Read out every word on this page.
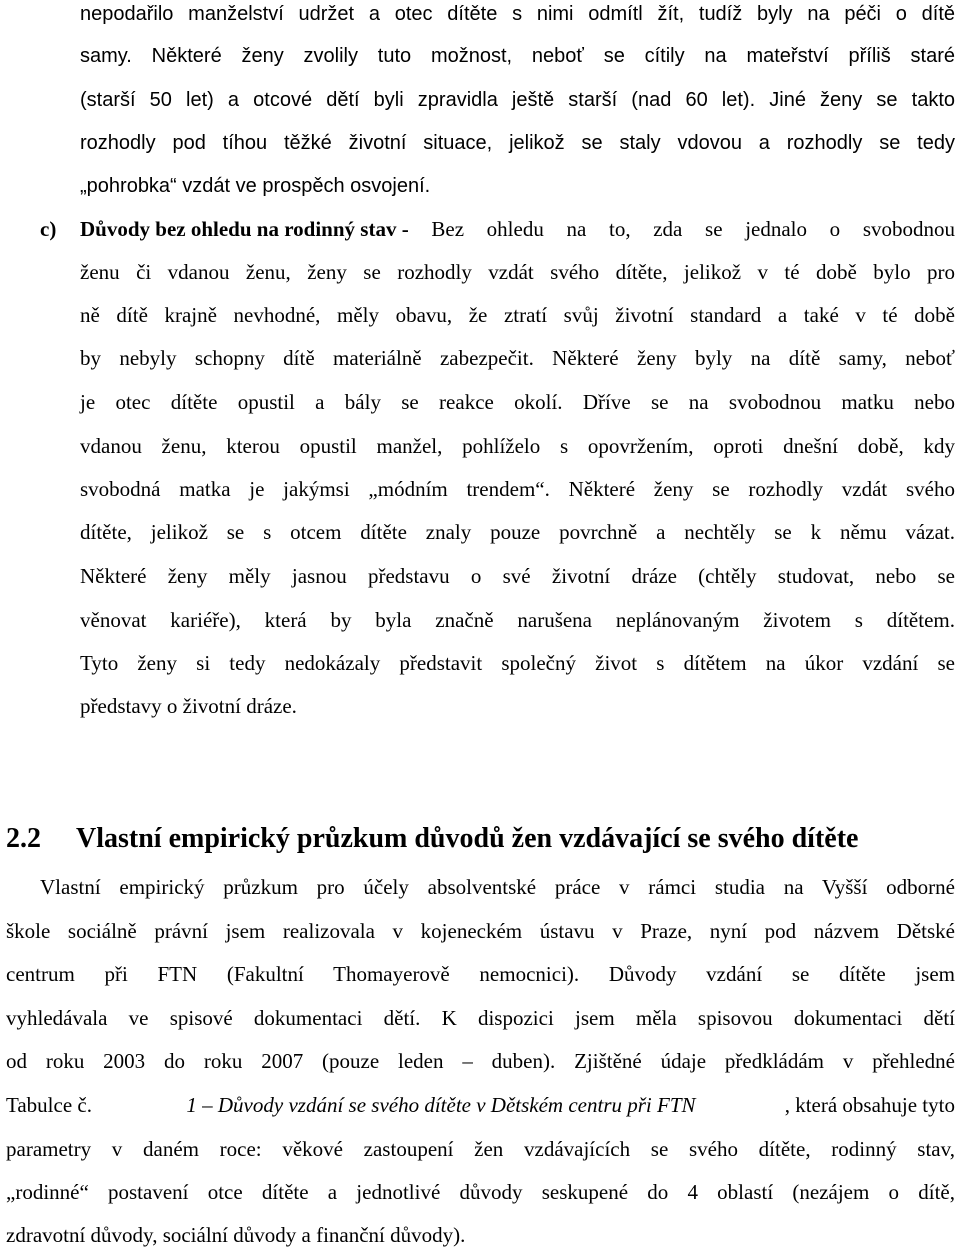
nepodařilo manželství udržet a otec dítěte s nimi odmítl žít, tudíž byly na péči o dítě
samy. Některé ženy zvolily tuto možnost, neboť se cítily na mateřství příliš staré
(starší 50 let) a otcové dětí byli zpravidla ještě starší (nad 60 let). Jiné ženy se takto
rozhodly pod tíhou těžké životní situace, jelikož se staly vdovou a rozhodly se tedy
„pohrobka“ vzdát ve prospěch osvojení.
c) Důvody bez ohledu na rodinný stav - Bez ohledu na to, zda se jednalo o svobodnou
ženu či vdanou ženu, ženy se rozhodly vzdát svého dítěte, jelikož v té době bylo pro
ně dítě krajně nevhodné, měly obavu, že ztratí svůj životní standard a také v té době
by nebyly schopny dítě materiálně zabezpečit. Některé ženy byly na dítě samy, neboť
je otec dítěte opustil a bály se reakce okolí. Dříve se na svobodnou matku nebo
vdanou ženu, kterou opustil manžel, pohlíželo s opovržením, oproti dnešní době, kdy
svobodná matka je jakýmsi „módním trendem“. Některé ženy se rozhodly vzdát svého
dítěte, jelikož se s otcem dítěte znaly pouze povrchně a nechtěly se k němu vázat.
Některé ženy měly jasnou představu o své životní dráze (chtěly studovat, nebo se
věnovat kariéře), která by byla značně narušena neplánovaným životem s dítětem.
Tyto ženy si tedy nedokázaly představit společný život s dítětem na úkor vzdání se
představy o životní dráze.
2.2 Vlastní empirický průzkum důvodů žen vzdávající se svého dítěte
Vlastní empirický průzkum pro účely absolventské práce v rámci studia na Vyšší odborné
škole sociálně právní jsem realizovala v kojeneckém ústavu v Praze, nyní pod názvem Dětské
centrum při FTN (Fakultní Thomayerově nemocnici). Důvody vzdání se dítěte jsem
vyhledávala ve spisové dokumentaci dětí. K dispozici jsem měla spisovou dokumentaci dětí
od roku 2003 do roku 2007 (pouze leden – duben). Zjištěné údaje předkládám v přehledné
Tabulce č.	1 – Důvody vzdání se svého dítěte v Dětském centru při FTN	, která obsahuje tyto
parametry v daném roce: věkové zastoupení žen vzdávajících se svého dítěte, rodinný stav,
„rodinné“ postavení otce dítěte a jednotlivé důvody seskupené do 4 oblastí (nezájem o dítě,
zdravotní důvody, sociální důvody a finanční důvody).
